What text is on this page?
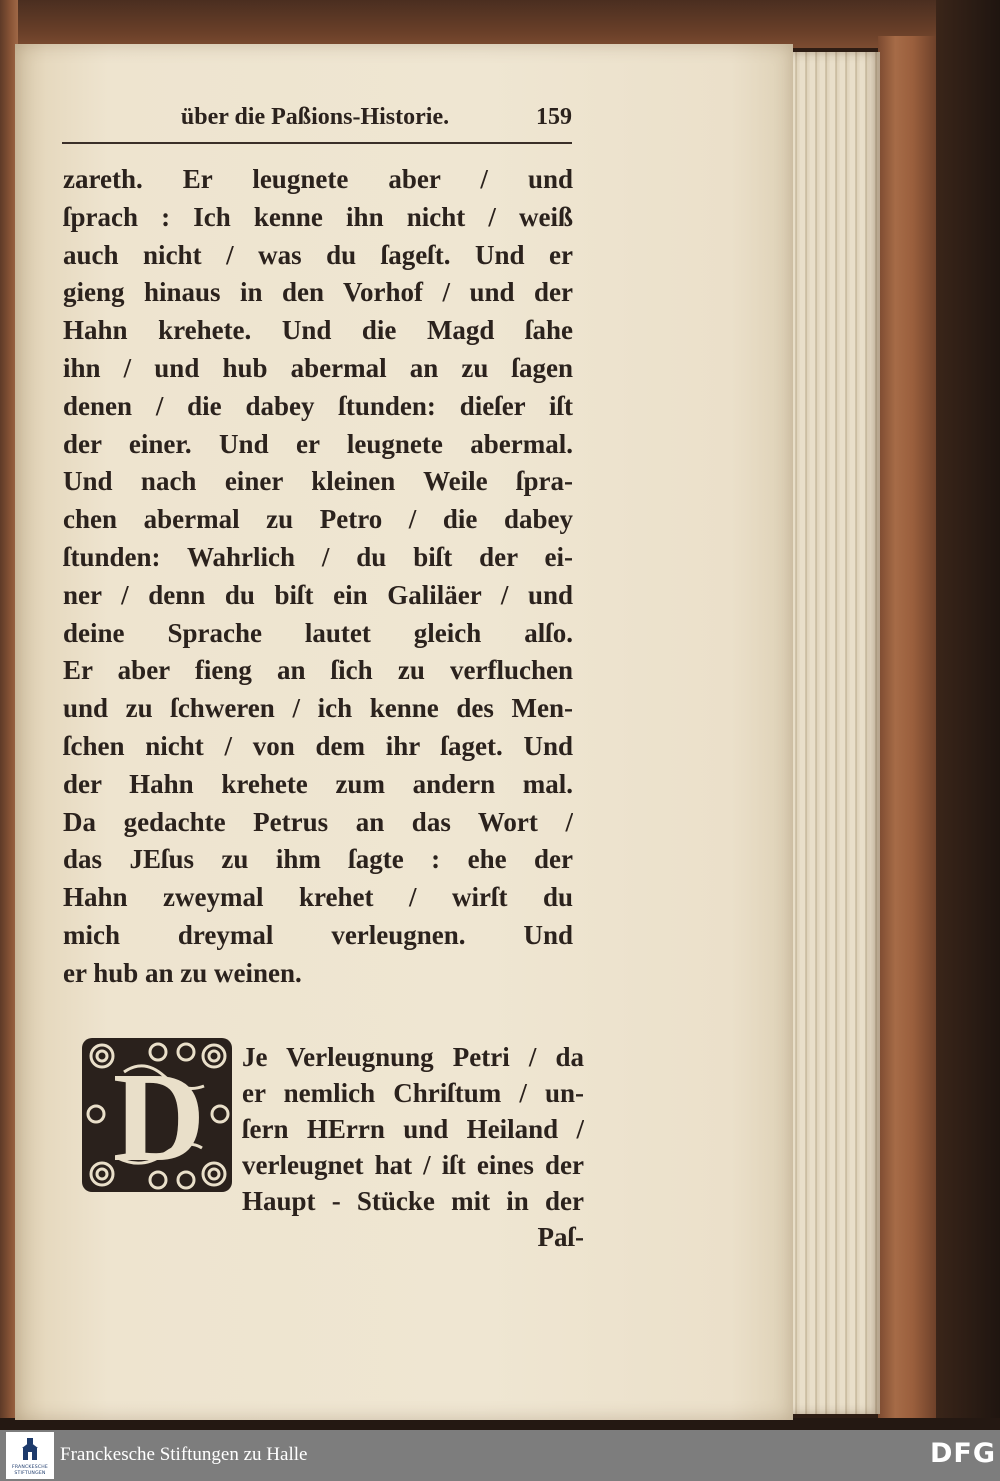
über die Paßions-Historie.	159
zareth. Er leugnete aber / und
ſprach : Ich kenne ihn nicht / weiß
auch nicht / was du ſageſt. Und er
gieng hinaus in den Vorhof / und der
Hahn krehete. Und die Magd ſahe
ihn / und hub abermal an zu ſagen
denen / die dabey ſtunden: dieſer iſt
der einer. Und er leugnete abermal.
Und nach einer kleinen Weile ſpra-
chen abermal zu Petro / die dabey
ſtunden: Wahrlich / du biſt der ei-
ner / denn du biſt ein Galiläer / und
deine Sprache lautet gleich alſo.
Er aber fieng an ſich zu verfluchen
und zu ſchweren / ich kenne des Men-
ſchen nicht / von dem ihr ſaget. Und
der Hahn krehete zum andern mal.
Da gedachte Petrus an das Wort /
das JEſus zu ihm ſagte : ehe der
Hahn zweymal krehet / wirſt du
mich dreymal verleugnen. Und
er hub an zu weinen.
D Je Verleugnung Petri / da
er nemlich Chriſtum / un-
ſern HErrn und Heiland /
verleugnet hat / iſt eines der
Haupt - Stücke mit in der
Paſ-
FRANCKESCHE
STIFTUNGEN
Franckesche Stiftungen zu Halle	DFG
